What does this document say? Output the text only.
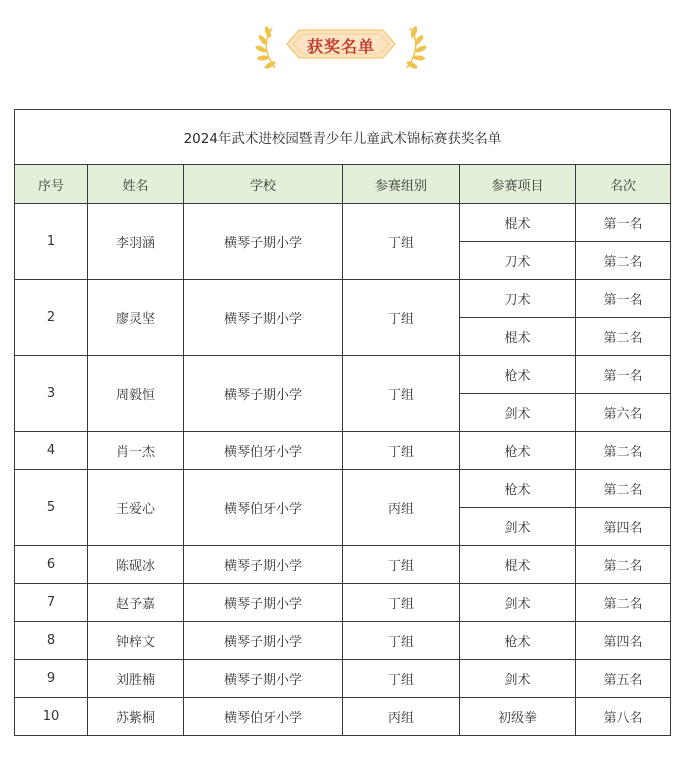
获奖名单
2024年武术进校园暨青少年儿童武术锦标赛获奖名单					
序号	姓名	学校	参赛组别	参赛项目	名次
1	李羽涵	横琴子期小学	丁组	棍术	第一名
				刀术	第二名
2	廖灵坚	横琴子期小学	丁组	刀术	第一名
				棍术	第二名
3	周毅恒	横琴子期小学	丁组	枪术	第一名
				剑术	第六名
4	肖一杰	横琴伯牙小学	丁组	枪术	第二名
5	王爱心	横琴伯牙小学	丙组	枪术	第二名
				剑术	第四名
6	陈砚冰	横琴子期小学	丁组	棍术	第二名
7	赵予嘉	横琴子期小学	丁组	剑术	第二名
8	钟梓文	横琴子期小学	丁组	枪术	第四名
9	刘胜楠	横琴子期小学	丁组	剑术	第五名
10	苏紫桐	横琴伯牙小学	丙组	初级拳	第八名
